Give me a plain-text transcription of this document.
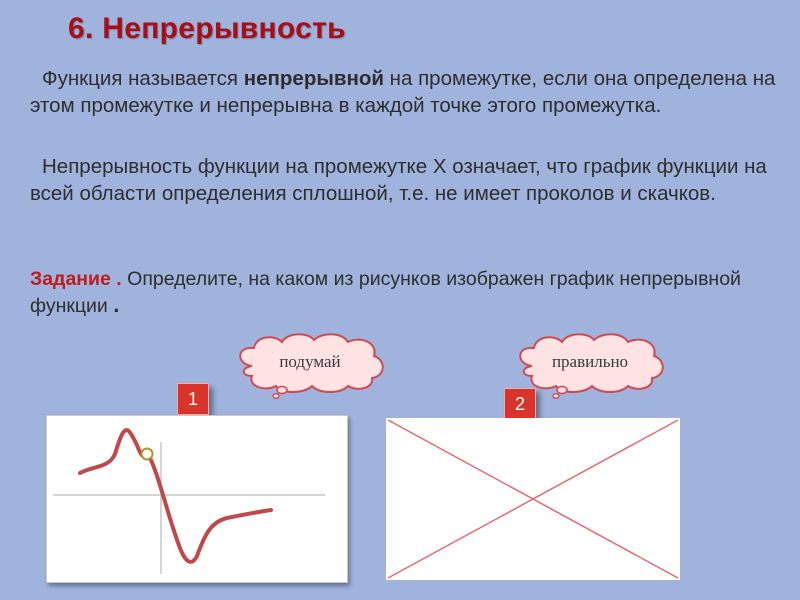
6. Непрерывность
Функция называется непрерывной на промежутке, если она определена на этом промежутке и непрерывна в каждой точке этого промежутка.
Непрерывность функции на промежутке X означает, что график функции на всей области определения сплошной, т.е. не имеет проколов и скачков.
Задание . Определите, на каком из рисунков изображен график непрерывной функции .
подумай	правильно
1	2
